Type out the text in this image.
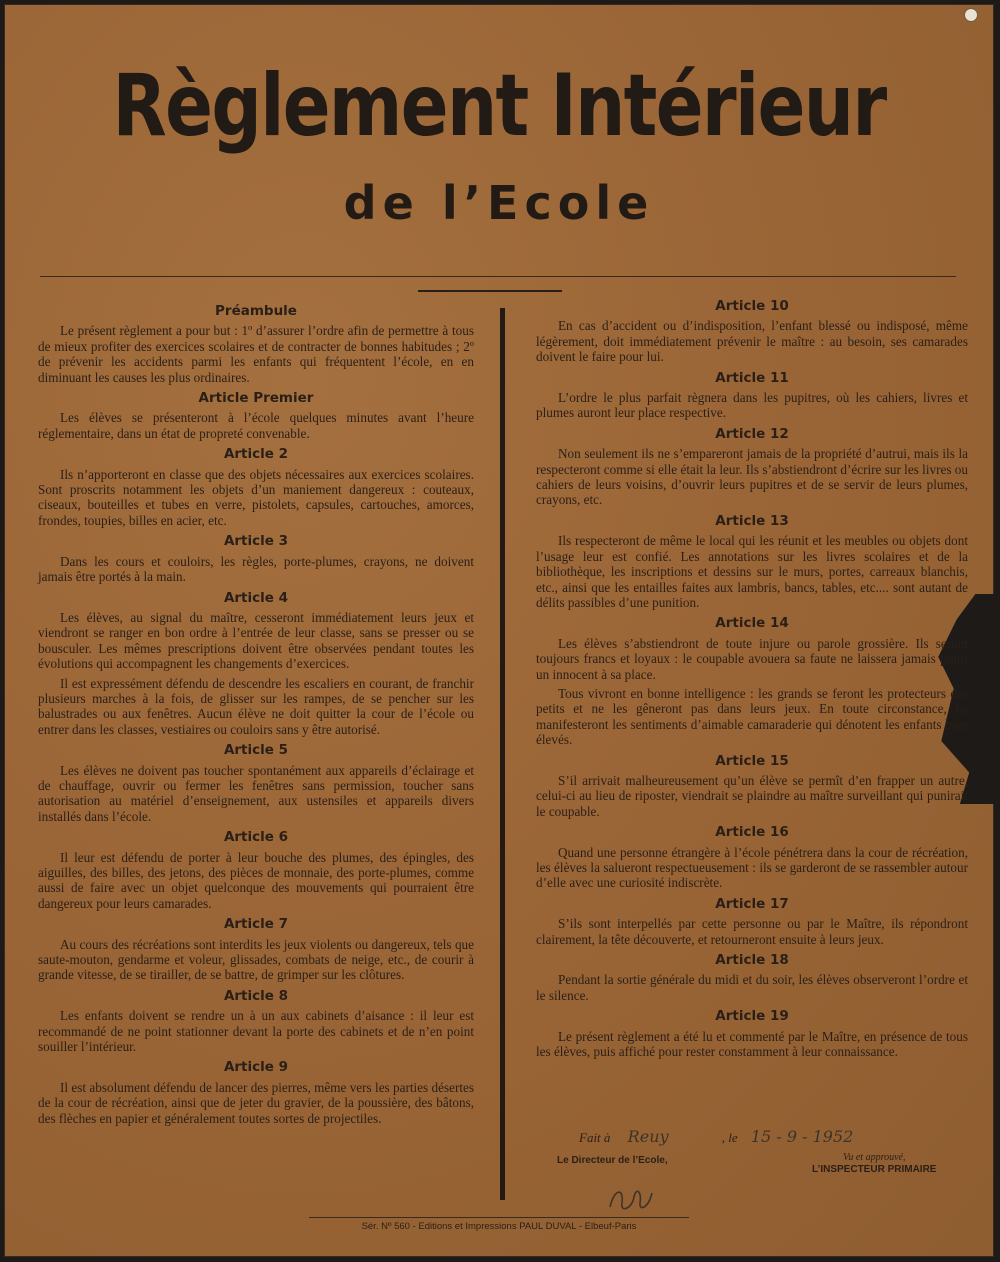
Règlement Intérieur
de l’Ecole
Préambule

Le présent règlement a pour but : 1º d’assurer l’ordre afin de permettre à tous de mieux profiter des exercices scolaires et de contracter de bonnes habitudes ; 2º de prévenir les accidents parmi les enfants qui fréquentent l’école, en en diminuant les causes les plus ordinaires.

Article Premier

Les élèves se présenteront à l’école quelques minutes avant l’heure réglementaire, dans un état de propreté convenable.

Article 2

Ils n’apporteront en classe que des objets nécessaires aux exercices scolaires. Sont proscrits notamment les objets d’un maniement dangereux : couteaux, ciseaux, bouteilles et tubes en verre, pistolets, capsules, cartouches, amorces, frondes, toupies, billes en acier, etc.

Article 3

Dans les cours et couloirs, les règles, porte-plumes, crayons, ne doivent jamais être portés à la main.

Article 4

Les élèves, au signal du maître, cesseront immédiatement leurs jeux et viendront se ranger en bon ordre à l’entrée de leur classe, sans se presser ou se bousculer. Les mêmes prescriptions doivent être observées pendant toutes les évolutions qui accompagnent les changements d’exercices.

Il est expressément défendu de descendre les escaliers en courant, de franchir plusieurs marches à la fois, de glisser sur les rampes, de se pencher sur les balustrades ou aux fenêtres. Aucun élève ne doit quitter la cour de l’école ou entrer dans les classes, vestiaires ou couloirs sans y être autorisé.

Article 5

Les élèves ne doivent pas toucher spontanément aux appareils d’éclairage et de chauffage, ouvrir ou fermer les fenêtres sans permission, toucher sans autorisation au matériel d’enseignement, aux ustensiles et appareils divers installés dans l’école.

Article 6

Il leur est défendu de porter à leur bouche des plumes, des épingles, des aiguilles, des billes, des jetons, des pièces de monnaie, des porte-plumes, comme aussi de faire avec un objet quelconque des mouvements qui pourraient être dangereux pour leurs camarades.

Article 7

Au cours des récréations sont interdits les jeux violents ou dangereux, tels que saute-mouton, gendarme et voleur, glissades, combats de neige, etc., de courir à grande vitesse, de se tirailler, de se battre, de grimper sur les clôtures.

Article 8

Les enfants doivent se rendre un à un aux cabinets d’aisance : il leur est recommandé de ne point stationner devant la porte des cabinets et de n’en point souiller l’intérieur.

Article 9

Il est absolument défendu de lancer des pierres, même vers les parties désertes de la cour de récréation, ainsi que de jeter du gravier, de la poussière, des bâtons, des flèches en papier et généralement toutes sortes de projectiles.

Article 10

En cas d’accident ou d’indisposition, l’enfant blessé ou indisposé, même légèrement, doit immédiatement prévenir le maître : au besoin, ses camarades doivent le faire pour lui.

Article 11

L’ordre le plus parfait règnera dans les pupitres, où les cahiers, livres et plumes auront leur place respective.

Article 12

Non seulement ils ne s’empareront jamais de la propriété d’autrui, mais ils la respecteront comme si elle était la leur. Ils s’abstiendront d’écrire sur les livres ou cahiers de leurs voisins, d’ouvrir leurs pupitres et de se servir de leurs plumes, crayons, etc.

Article 13

Ils respecteront de même le local qui les réunit et les meubles ou objets dont l’usage leur est confié. Les annotations sur les livres scolaires et de la bibliothèque, les inscriptions et dessins sur le murs, portes, carreaux blanchis, etc., ainsi que les entailles faites aux lambris, bancs, tables, etc.... sont autant de délits passibles d’une punition.

Article 14

Les élèves s’abstiendront de toute injure ou parole grossière. Ils seront toujours francs et loyaux : le coupable avouera sa faute ne laissera jamais punir un innocent à sa place.

Tous vivront en bonne intelligence : les grands se feront les protecteurs des petits et ne les gêneront pas dans leurs jeux. En toute circonstance, ils manifesteront les sentiments d’aimable camaraderie qui dénotent les enfants bien élevés.

Article 15

S’il arrivait malheureusement qu’un élève se permît d’en frapper un autre, celui-ci au lieu de riposter, viendrait se plaindre au maître surveillant qui punirait le coupable.

Article 16

Quand une personne étrangère à l’école pénétrera dans la cour de récréation, les élèves la salueront respectueusement : ils se garderont de se rassembler autour d’elle avec une curiosité indiscrète.

Article 17

S’ils sont interpellés par cette personne ou par le Maître, ils répondront clairement, la tête découverte, et retourneront ensuite à leurs jeux.

Article 18

Pendant la sortie générale du midi et du soir, les élèves observeront l’ordre et le silence.

Article 19

Le présent règlement a été lu et commenté par le Maître, en présence de tous les élèves, puis affiché pour rester constamment à leur connaissance.

Fait à Reuy	, le 15 - 9 - 1952
Le Directeur de l’Ecole,	Vu et approuvé,
L’INSPECTEUR PRIMAIRE
Sér. Nº 560 - Editions et Impressions PAUL DUVAL - Elbeuf-Paris
